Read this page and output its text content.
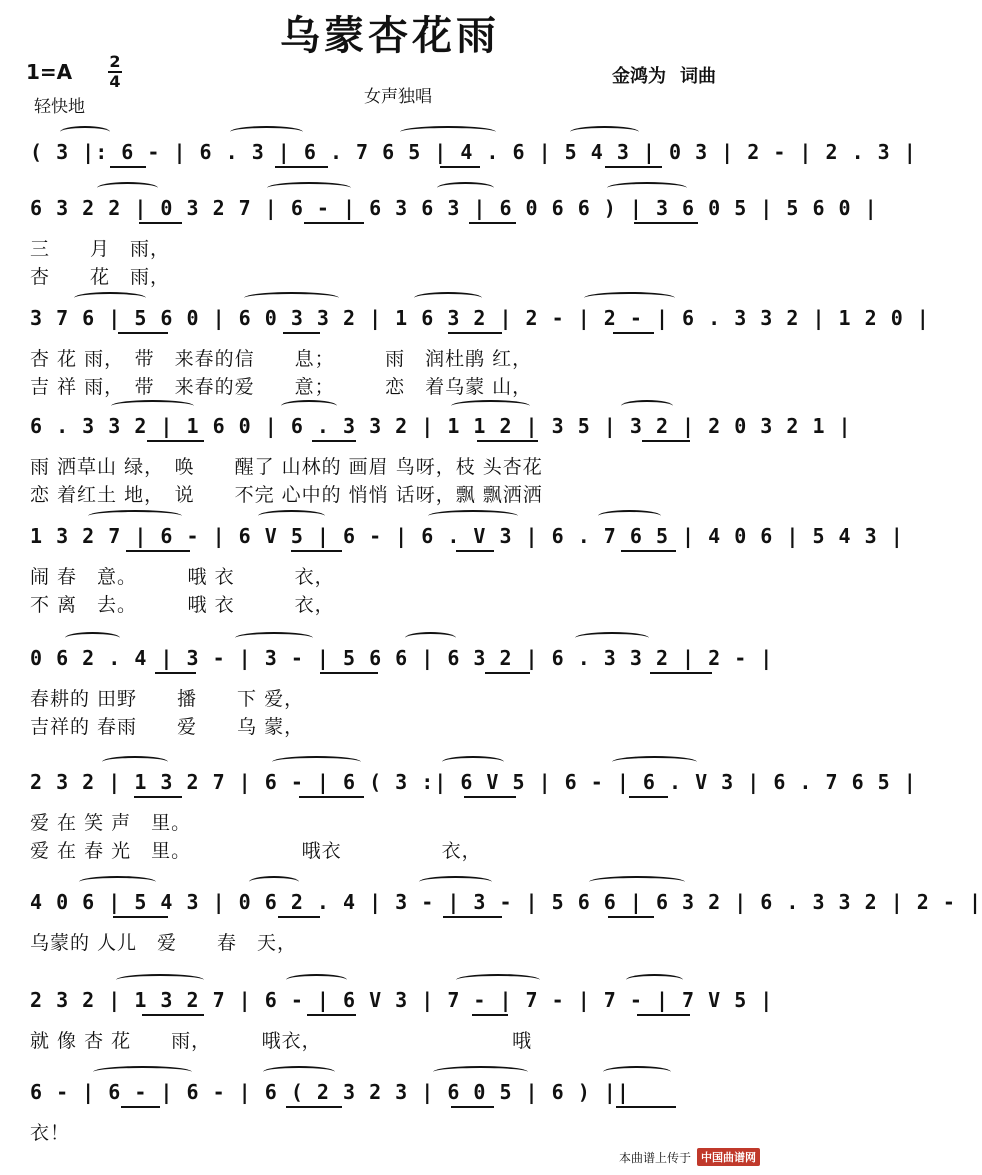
乌蒙杏花雨
1=A 2
4
轻快地	女声独唱
金鸿为 词曲
( 3 |: 6 - | 6 . 3 | 6 . 7 6 5 | 4 . 6 | 5 4 3 | 0 3 | 2 - | 2 . 3 |
6 3 2 2 | 0 3 2 7 | 6 - | 6 3 6 3 | 6 0 6 6 ) | 3 6 0 5 | 5 6 0 |
三　　月　雨，
杏　　花　雨，
3 7 6 | 5 6 0 | 6 0 3 3 2 | 1 6 3 2 | 2 - | 2 - | 6 . 3 3 2 | 1 2 0 |
杏 花 雨，　带　来春的信　　息；　　　雨　润杜鹃 红，
吉 祥 雨，　带　来春的爱　　意；　　　恋　着乌蒙 山，
6 . 3 3 2 | 1 6 0 | 6 . 3 3 2 | 1 1 2 | 3 5 | 3 2 | 2 0 3 2 1 |
雨 洒草山 绿，　唤　　醒了 山林的 画眉 鸟呀，枝 头杏花
恋 着红土 地，　说　　不完 心中的 悄悄 话呀，飘 飘洒洒
1 3 2 7 | 6 - | 6 V 5 | 6 - | 6 . V 3 | 6 . 7 6 5 | 4 0 6 | 5 4 3 |
闹 春　意。　　　哦 衣　　　衣，
不 离　去。　　　哦 衣　　　衣，
0 6 2 . 4 | 3 - | 3 - | 5 6 6 | 6 3 2 | 6 . 3 3 2 | 2 - |
春耕的 田野　　播　　下 爱，
吉祥的 春雨　　爱　　乌 蒙，
2 3 2 | 1 3 2 7 | 6 - | 6 ( 3 :| 6 V 5 | 6 - | 6 . V 3 | 6 . 7 6 5 |
爱 在 笑 声　里。
爱 在 春 光　里。　　　　　　哦衣　　　　　衣，
4 0 6 | 5 4 3 | 0 6 2 . 4 | 3 - | 3 - | 5 6 6 | 6 3 2 | 6 . 3 3 2 | 2 - |
乌蒙的 人儿　爱　　春　天，
2 3 2 | 1 3 2 7 | 6 - | 6 V 3 | 7 - | 7 - | 7 - | 7 V 5 |
就 像 杏 花　　雨，　　　哦衣，　　　　　　　　　　哦
6 - | 6 - | 6 - | 6 ( 2 3 2 3 | 6 0 5 | 6 ) ||
衣！
本曲谱上传于 中国曲谱网
